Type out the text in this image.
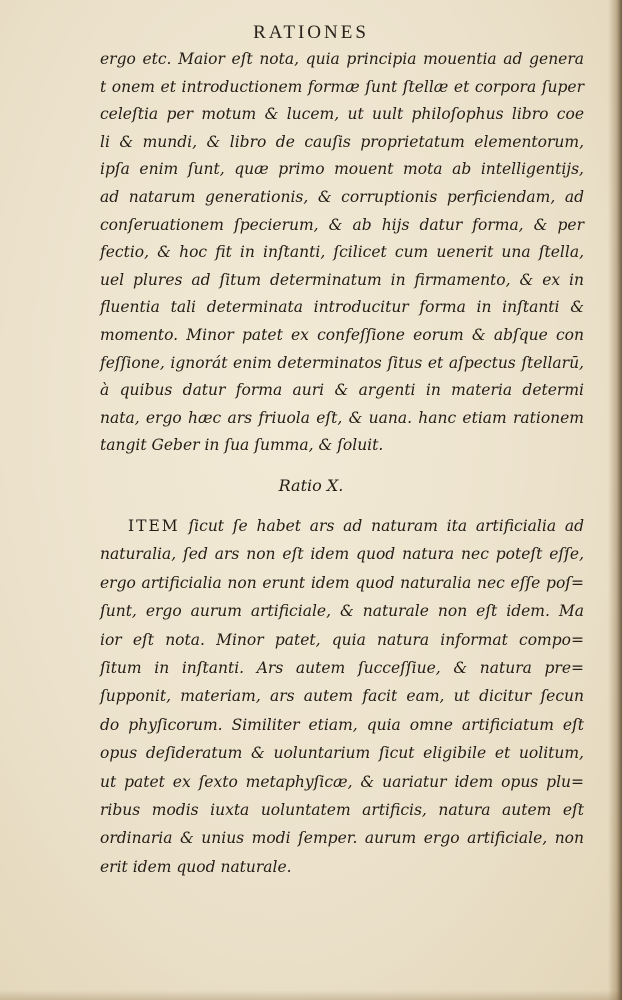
RATIONES
ergo etc. Maior eſt nota, quia principia mouentia ad genera
t onem et introductionem formæ ſunt ſtellæ et corpora ſuper
celeſtia per motum & lucem, ut uult philoſophus libro coe
li & mundi, & libro de cauſis proprietatum elementorum,
ipſa enim ſunt, quæ primo mouent mota ab intelligentijs,
ad natarum generationis, & corruptionis perficiendam, ad
conſeruationem ſpecierum, & ab hijs datur forma, & per
fectio, & hoc fit in inſtanti, ſcilicet cum uenerit una ſtella,
uel plures ad ſitum determinatum in firmamento, & ex in
fluentia tali determinata introducitur forma in inſtanti &
momento. Minor patet ex confeſſione eorum & abſque con
feſſione, ignorát enim determinatos ſitus et aſpectus ſtellarū,
à quibus datur forma auri & argenti in materia determi
nata, ergo hæc ars friuola eſt, & uana. hanc etiam rationem
tangit Geber in ſua ſumma, & ſoluit.
Ratio X.
ITEM ſicut ſe habet ars ad naturam ita artificialia ad
naturalia, ſed ars non eſt idem quod natura nec poteſt eſſe,
ergo artificialia non erunt idem quod naturalia nec eſſe poſ=
ſunt, ergo aurum artificiale, & naturale non eſt idem. Ma
ior eſt nota. Minor patet, quia natura informat compo=
ſitum in inſtanti. Ars autem ſucceſſiue, & natura pre=
ſupponit, materiam, ars autem facit eam, ut dicitur ſecun
do phyſicorum. Similiter etiam, quia omne artificiatum eſt
opus deſideratum & uoluntarium ſicut eligibile et uolitum,
ut patet ex ſexto metaphyſicæ, & uariatur idem opus plu=
ribus modis iuxta uoluntatem artificis, natura autem eſt
ordinaria & unius modi ſemper. aurum ergo artificiale, non
erit idem quod naturale.
